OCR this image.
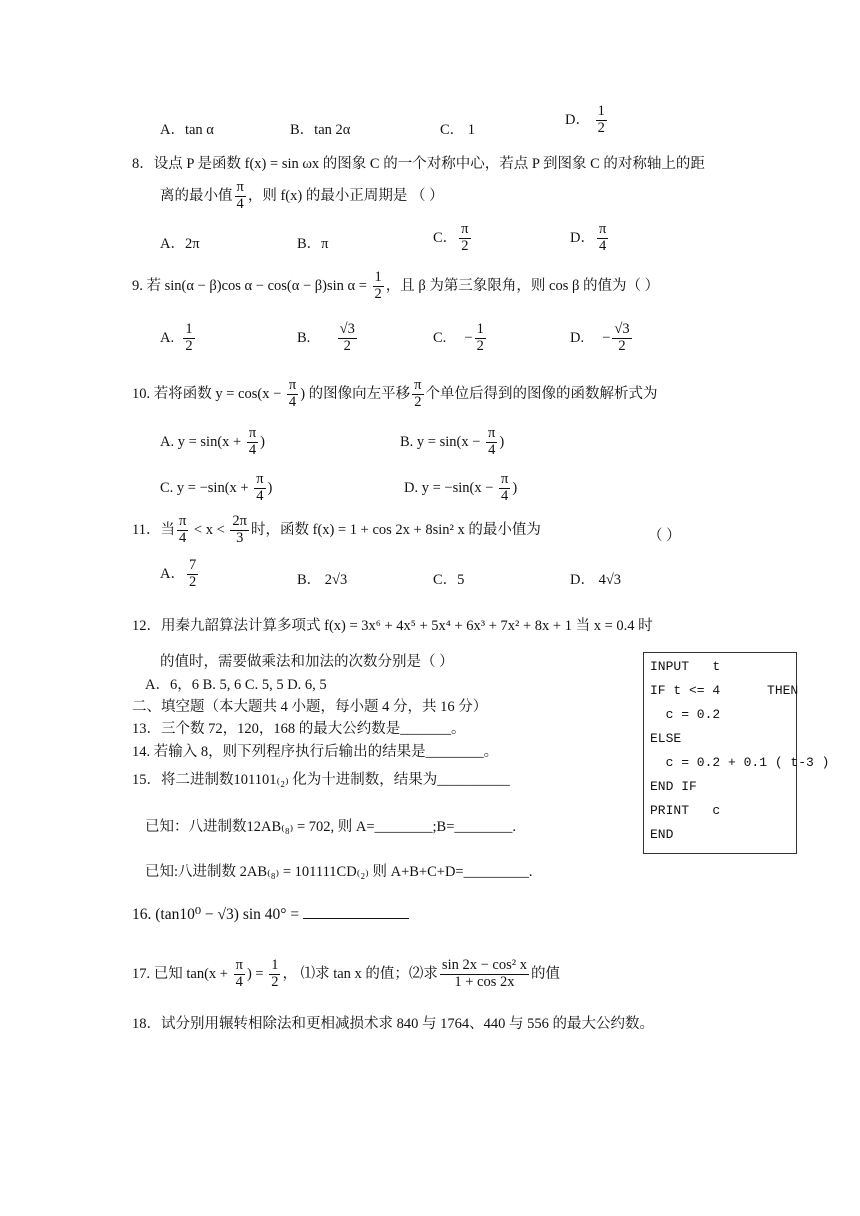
A．tan α	B．tan 2α	C． 1
D． $\frac{1}{2}$
8．设点 P 是函数 f(x) = sin ωx 的图象 C 的一个对称中心，若点 P 到图象 C 的对称轴上的距
离的最小值 $\frac{\pi}{4}$ ，则 f(x) 的最小正周期是 （ ）
A．2π	B．π	C． $\frac{\pi}{2}$	D． $\frac{\pi}{4}$
9. 若 sin(α − β)cos α − cos(α − β)sin $\alpha = \frac{1}{2}$ ，且 β 为第三象限角，则 cos β 的值为（ ）
A. $\frac{1}{2}$	B. $\frac{√3}{2}$	C. − $\frac{1}{2}$	D. − $\frac{√3}{2}$
10. 若将函数 $y = \cos(x - \frac{\pi}{4}$ ) 的图像向左平移 $\frac{\pi}{2}$ 个单位后得到的图像的函数解析式为
A. $y = \sin(x + \frac{\pi}{4}$ )	B. $y = \sin(x - \frac{\pi}{4}$ )
C. $y = -\sin(x + \frac{\pi}{4}$ )	D. $y = -\sin(x - \frac{\pi}{4}$ )
11．当 $\frac{\pi}{4} < x < \frac{2\pi}{3}$ 时，函数 f(x) = 1 + cos 2x + 8sin² x 的最小值为	（ ）
A． $\frac{7}{2}$	B． 2√3	C．5	D． 4√3
12．用秦九韶算法计算多项式 f(x) = 3x⁶ + 4x⁵ + 5x⁴ + 6x³ + 7x² + 8x + 1 当 x = 0.4 时
的值时，需要做乘法和加法的次数分别是（ ）
A．6，6 B. 5, 6 C. 5, 5 D. 6, 5
二、填空题（本大题共 4 小题，每小题 4 分，共 16 分）
13．三个数 72，120，168 的最大公约数是_______。
14. 若输入 8，则下列程序执行后输出的结果是________。
15．将二进制数101101₍₂₎ 化为十进制数，结果为__________
已知：八进制数12AB₍₈₎ = 702, 则 A=________;B=________.
已知:八进制数 2AB₍₈₎ = 101111CD₍₂₎ 则 A+B+C+D=_________.
INPUT   t
IF t <= 4      THEN
c = 0.2
ELSE
c = 0.2 + 0.1 ( t-3 )
END IF
PRINT   c
END
16. (tan10⁰ − √3) sin 40° =
17. 已知 $\tan(x + \frac{\pi}{4}$ ) = $\frac{1}{2}$ ， ⑴求 tan x 的值；⑵求 $\frac{\text{sin 2x − cos² x}}{1 + \cos 2x}$ 的值
18．试分别用辗转相除法和更相减损术求 840 与 1764、440 与 556 的最大公约数。
